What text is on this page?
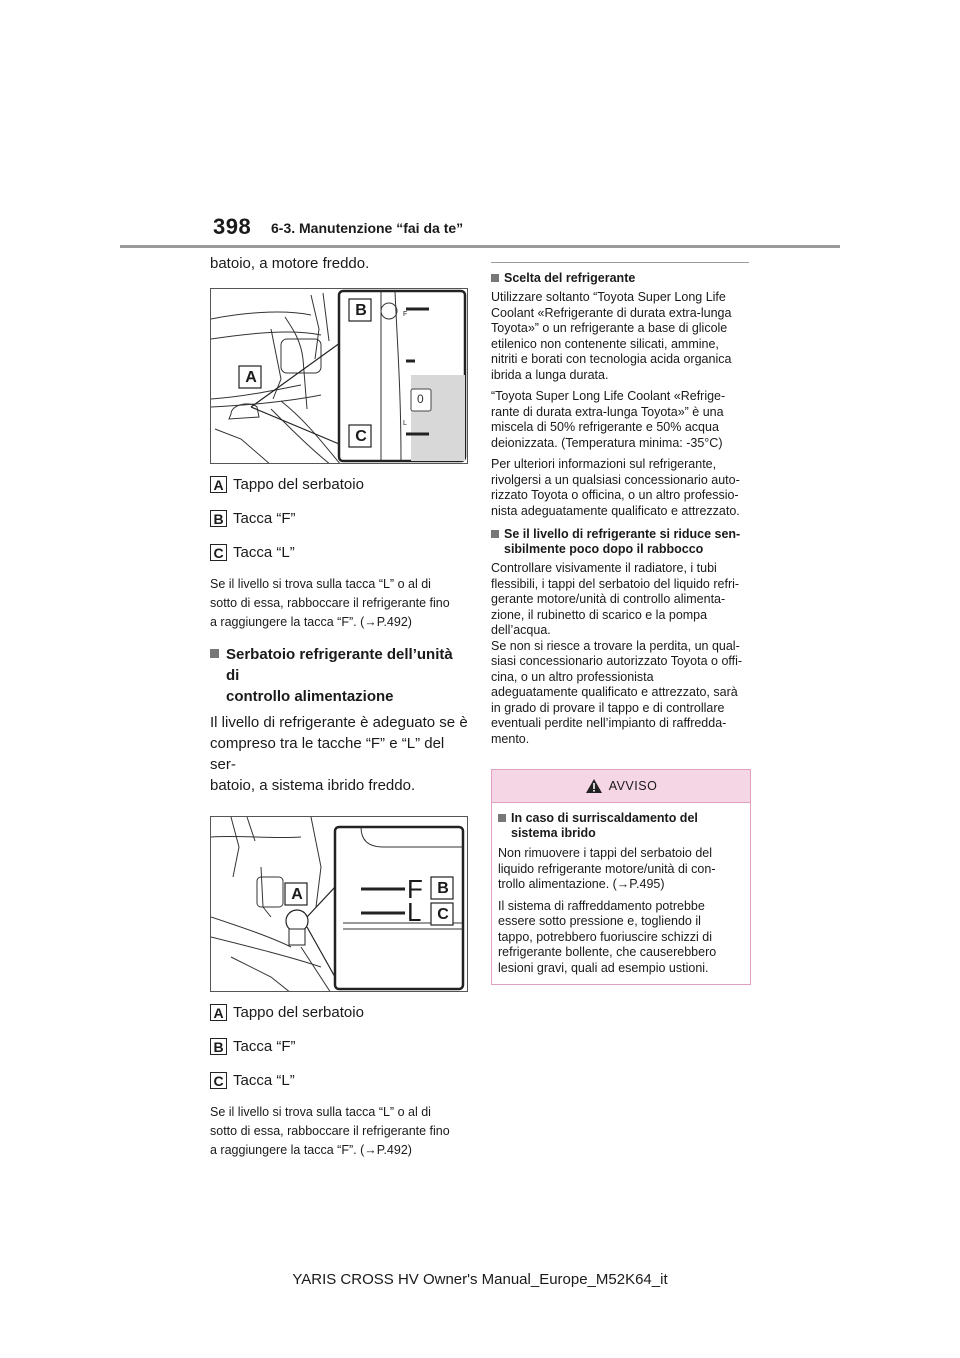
398 6-3. Manutenzione “fai da te”
batoio, a motore freddo.
A
B
C
F
L
0
A Tappo del serbatoio
B Tacca “F”
C Tacca “L”
Se il livello si trova sulla tacca “L” o al di
sotto di essa, rabboccare il refrigerante fino
a raggiungere la tacca “F”. (→P.492)
Serbatoio refrigerante dell’unità di
controllo alimentazione
Il livello di refrigerante è adeguato se è
compreso tra le tacche “F” e “L” del ser-
batoio, a sistema ibrido freddo.
A	B
C
F
L
A Tappo del serbatoio
B Tacca “F”
C Tacca “L”
Se il livello si trova sulla tacca “L” o al di
sotto di essa, rabboccare il refrigerante fino
a raggiungere la tacca “F”. (→P.492)
Scelta del refrigerante
Utilizzare soltanto “Toyota Super Long Life
Coolant «Refrigerante di durata extra-lunga
Toyota»” o un refrigerante a base di glicole
etilenico non contenente silicati, ammine,
nitriti e borati con tecnologia acida organica
ibrida a lunga durata.
“Toyota Super Long Life Coolant «Refrige-
rante di durata extra-lunga Toyota»” è una
miscela di 50% refrigerante e 50% acqua
deionizzata. (Temperatura minima: -35°C)
Per ulteriori informazioni sul refrigerante,
rivolgersi a un qualsiasi concessionario auto-
rizzato Toyota o officina, o un altro professio-
nista adeguatamente qualificato e attrezzato.
Se il livello di refrigerante si riduce sen-
sibilmente poco dopo il rabbocco
Controllare visivamente il radiatore, i tubi
flessibili, i tappi del serbatoio del liquido refri-
gerante motore/unità di controllo alimenta-
zione, il rubinetto di scarico e la pompa
dell’acqua.
Se non si riesce a trovare la perdita, un qual-
siasi concessionario autorizzato Toyota o offi-
cina, o un altro professionista
adeguatamente qualificato e attrezzato, sarà
in grado di provare il tappo e di controllare
eventuali perdite nell’impianto di raffredda-
mento.
AVVISO
In caso di surriscaldamento del
sistema ibrido
Non rimuovere i tappi del serbatoio del
liquido refrigerante motore/unità di con-
trollo alimentazione. (→P.495)
Il sistema di raffreddamento potrebbe
essere sotto pressione e, togliendo il
tappo, potrebbero fuoriuscire schizzi di
refrigerante bollente, che causerebbero
lesioni gravi, quali ad esempio ustioni.
YARIS CROSS HV Owner's Manual_Europe_M52K64_it
